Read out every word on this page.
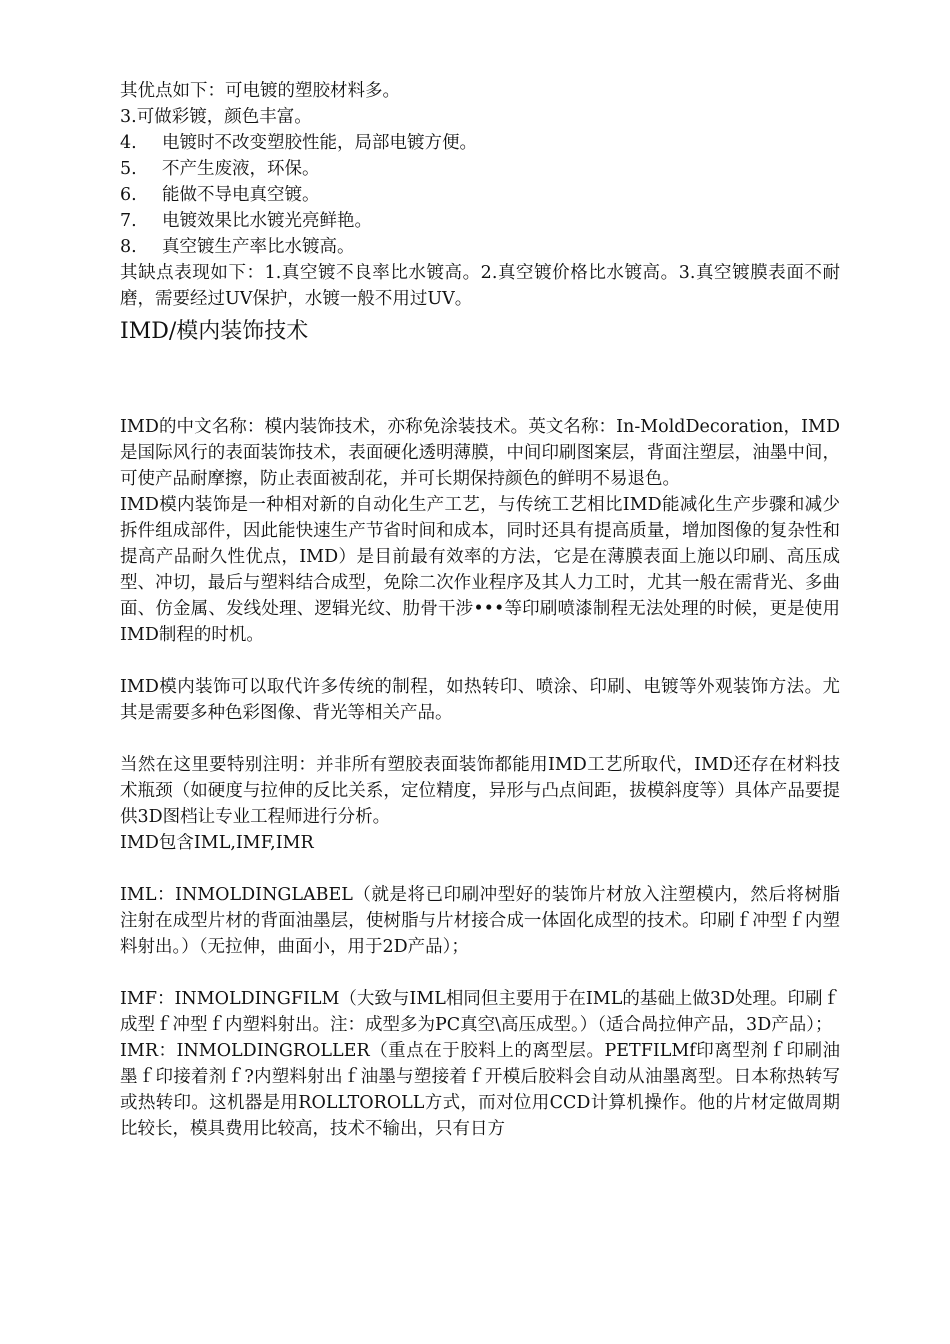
其优点如下：可电镀的塑胶材料多。

3.可做彩镀，颜色丰富。

4. 电镀时不改变塑胶性能，局部电镀方便。

5. 不产生废液，环保。

6. 能做不导电真空镀。

7. 电镀效果比水镀光亮鲜艳。

8. 真空镀生产率比水镀高。

其缺点表现如下：1.真空镀不良率比水镀高。2.真空镀价格比水镀高。3.真空镀膜表面不耐磨，需要经过UV保护，水镀一般不用过UV。

IMD/模内装饰技术

IMD的中文名称：模内装饰技术，亦称免涂装技术。英文名称：In-MoldDecoration，IMD是国际风行的表面装饰技术，表面硬化透明薄膜，中间印刷图案层，背面注塑层，油墨中间，可使产品耐摩擦，防止表面被刮花，并可长期保持颜色的鲜明不易退色。

IMD模内装饰是一种相对新的自动化生产工艺，与传统工艺相比IMD能减化生产步骤和减少拆件组成部件，因此能快速生产节省时间和成本，同时还具有提高质量，增加图像的复杂性和提高产品耐久性优点，IMD）是目前最有效率的方法，它是在薄膜表面上施以印刷、高压成型、冲切，最后与塑料结合成型，免除二次作业程序及其人力工时，尤其一般在需背光、多曲面、仿金属、发线处理、逻辑光纹、肋骨干涉•••等印刷喷漆制程无法处理的时候，更是使用IMD制程的时机。

IMD模内装饰可以取代许多传统的制程，如热转印、喷涂、印刷、电镀等外观装饰方法。尤其是需要多种色彩图像、背光等相关产品。

当然在这里要特别注明：并非所有塑胶表面装饰都能用IMD工艺所取代，IMD还存在材料技术瓶颈（如硬度与拉伸的反比关系，定位精度，异形与凸点间距，拔模斜度等）具体产品要提供3D图档让专业工程师进行分析。

IMD包含IML,IMF,IMR

IML：INMOLDINGLABEL（就是将已印刷冲型好的装饰片材放入注塑模内，然后将树脂注射在成型片材的背面油墨层，使树脂与片材接合成一体固化成型的技术。印刷ｆ冲型ｆ内塑料射出。）（无拉伸，曲面小，用于2D产品）；

IMF：INMOLDINGFILM（大致与IML相同但主要用于在IML的基础上做3D处理。印刷ｆ成型ｆ冲型ｆ内塑料射出。注：成型多为PC真空\高压成型。）（适合咼拉伸产品，3D产品）；

IMR：INMOLDINGROLLER（重点在于胶料上的离型层。PETFILMf印离型剂ｆ印刷油墨ｆ印接着剂ｆ?内塑料射出ｆ油墨与塑接着ｆ开模后胶料会自动从油墨离型。日本称热转写或热转印。这机器是用ROLLTOROLL方式，而对位用CCD计算机操作。他的片材定做周期比较长，模具费用比较高，技术不输出，只有日方
